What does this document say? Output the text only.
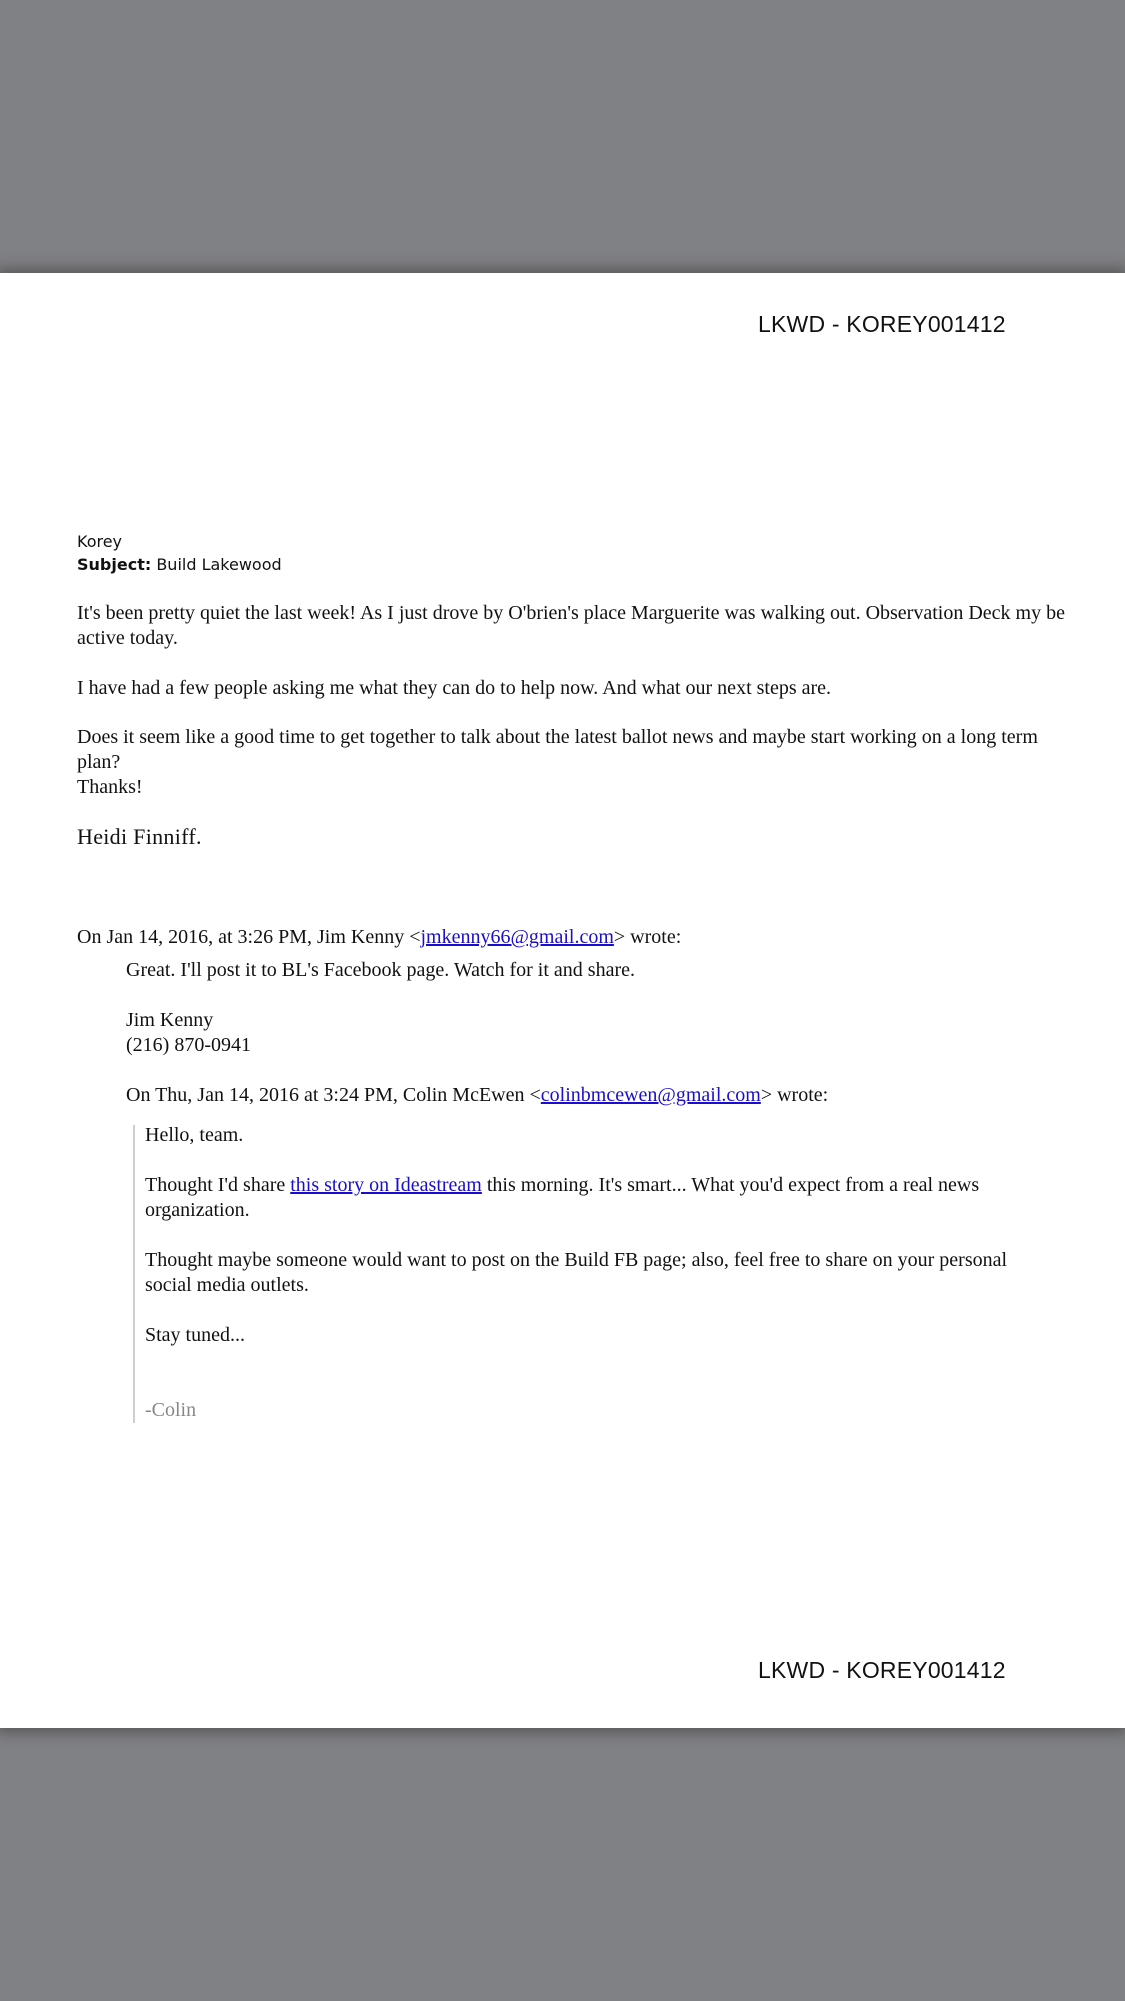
LKWD - KOREY001412
Korey
Subject: Build Lakewood
It's been pretty quiet the last week! As I just drove by O'brien's place Marguerite was walking out. Observation Deck my be active today.
I have had a few people asking me what they can do to help now. And what our next steps are.
Does it seem like a good time to get together to talk about the latest ballot news and maybe start working on a long term plan?
Thanks!
Heidi Finniff.
On Jan 14, 2016, at 3:26 PM, Jim Kenny <jmkenny66@gmail.com> wrote:
Great. I'll post it to BL's Facebook page. Watch for it and share.
Jim Kenny
(216) 870-0941
On Thu, Jan 14, 2016 at 3:24 PM, Colin McEwen <colinbmcewen@gmail.com> wrote:
Hello, team.
Thought I'd share this story on Ideastream this morning. It's smart... What you'd expect from a real news organization.
Thought maybe someone would want to post on the Build FB page; also, feel free to share on your personal social media outlets.
Stay tuned...
-Colin
LKWD - KOREY001412
